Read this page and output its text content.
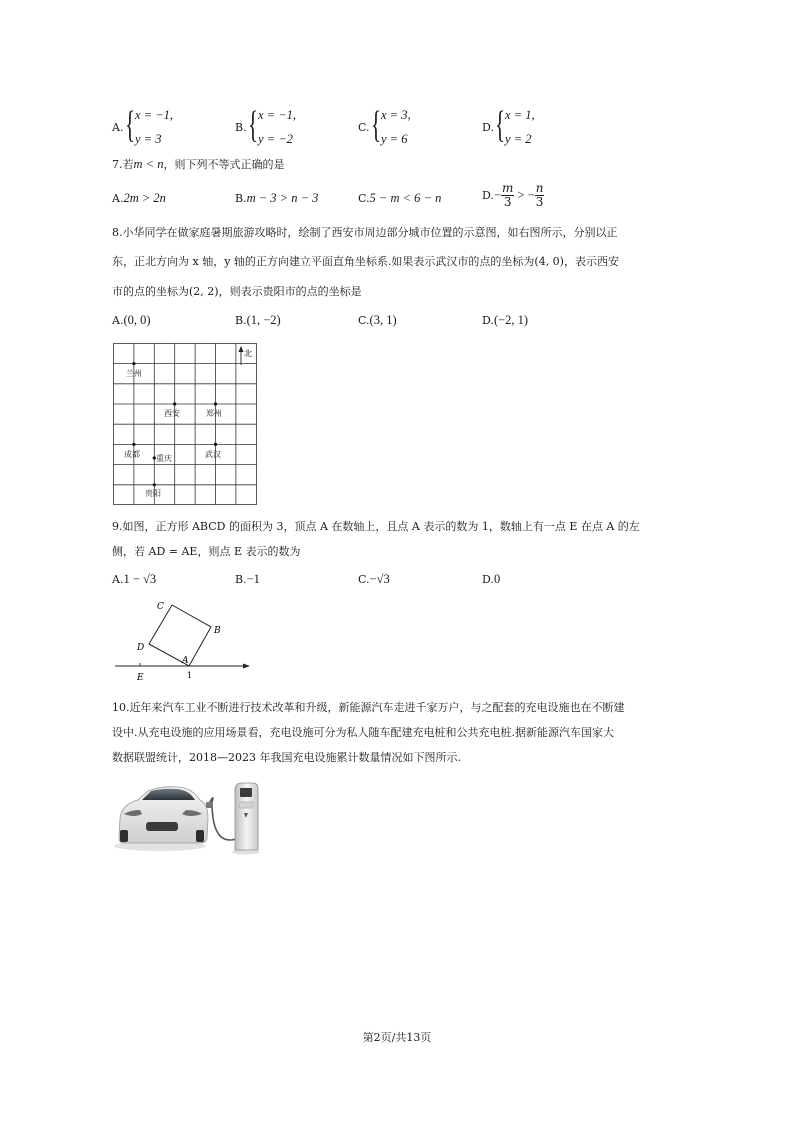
A. { x = −1,
y = 3
B. { x = −1,
y = −2
C. { x = 3,
y = 6
D. { x = 1,
y = 2
7.若m < n，则下列不等式正确的是
A.2m > 2n	B.m − 3 > n − 3	C.5 − m < 6 − n	$D.- \frac{m}{3}$ > − $\frac{n}{3}$
8.小华同学在做家庭暑期旅游攻略时，绘制了西安市周边部分城市位置的示意图，如右图所示，分别以正
东，正北方向为 x 轴，y 轴的正方向建立平面直角坐标系.如果表示武汉市的点的坐标为(4, 0)，表示西安
市的点的坐标为(2, 2)，则表示贵阳市的点的坐标是
A.(0, 0)	B.(1, −2)	C.(3, 1)	D.(−2, 1)
北
兰州
西安	郑州
成都 重庆	武汉
贵阳
9.如图，正方形 ABCD 的面积为 3，顶点 A 在数轴上，且点 A 表示的数为 1，数轴上有一点 E 在点 A 的左
侧，若 AD = AE，则点 E 表示的数为
A.1 − √3	B.−1	C.−√3	D.0
C
B
D
A
E	1
10.近年来汽车工业不断进行技术改革和升级，新能源汽车走进千家万户，与之配套的充电设施也在不断建
设中.从充电设施的应用场景看，充电设施可分为私人随车配建充电桩和公共充电桩.据新能源汽车国家大
数据联盟统计，2018—2023 年我国充电设施累计数量情况如下图所示.
第2页/共13页
